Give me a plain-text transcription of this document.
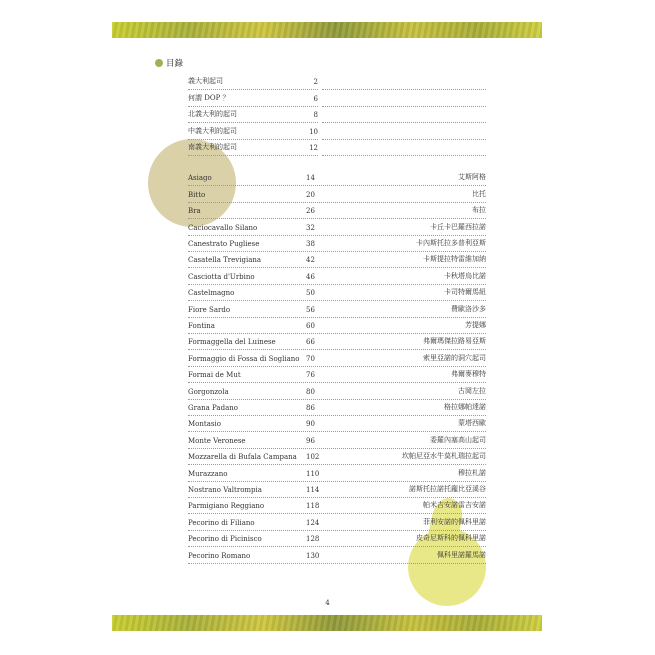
目錄
義大利起司	2
何謂 DOP ？	6
北義大利的起司	8
中義大利的起司	10
南義大利的起司	12
Asiago	14	艾斯阿格
Bitto	20	比托
Bra	26	布拉
Caciocavallo Silano	32	卡丘卡巴羅西拉諾
Canestrato Pugliese	38	卡內斯托拉多普利亞斯
Casatella Trevigiana	42	卡斯提拉特雷維加納
Casciotta d'Urbino	46	卡秋塔烏比諾
Castelmagno	50	卡司特爾馬紐
Fiore Sardo	56	費歐洛沙多
Fontina	60	芳提娜
Formaggella del Luinese	66	弗爾瑪傑拉路易亞斯
Formaggio di Fossa di Sogliano 70	索里亞諾的洞穴起司
Formai de Mut	76	弗爾麥穆特
Gorgonzola	80	古岡左拉
Grana Padano	86	格拉娜帕達諾
Montasio	90	蒙塔西歐
Monte Veronese	96	委羅內塞高山起司
Mozzarella di Bufala Campana 102	坎帕尼亞水牛莫札瑞拉起司
Murazzano	110	穆拉札諾
Nostrano Valtrompia	114	諾斯托拉諾托龐比亞溪谷
Parmigiano Reggiano	118	帕米吉安諾雷吉安諾
Pecorino di Filiano	124	菲利安諾的佩科里諾
Pecorino di Picinisco	128	皮奇尼斯科的佩科里諾
Pecorino Romano	130	佩科里諾羅馬諾
4
